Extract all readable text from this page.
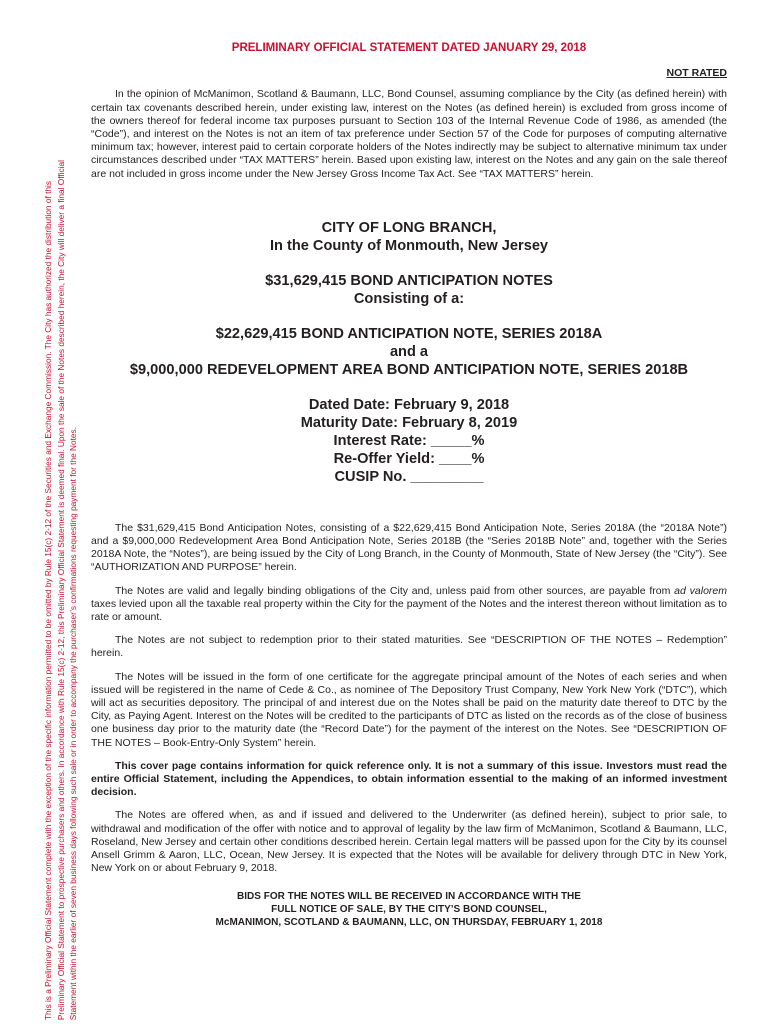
This is a Preliminary Official Statement complete with the exception of the specific information permitted to be omitted by Rule 15(c) 2-12 of the Securities and Exchange Commission. The City has authorized the distribution of this Preliminary Official Statement to prospective purchasers and others. In accordance with Rule 15(c) 2-12, this Preliminary Official Statement is deemed final. Upon the sale of the Notes described herein, the City will deliver a final Official Statement within the earlier of seven business days following such sale or in order to accompany the purchaser’s confirmations requesting payment for the Notes.
PRELIMINARY OFFICIAL STATEMENT DATED JANUARY 29, 2018
NOT RATED

In the opinion of McManimon, Scotland & Baumann, LLC, Bond Counsel, assuming compliance by the City (as defined herein) with certain tax covenants described herein, under existing law, interest on the Notes (as defined herein) is excluded from gross income of the owners thereof for federal income tax purposes pursuant to Section 103 of the Internal Revenue Code of 1986, as amended (the “Code”), and interest on the Notes is not an item of tax preference under Section 57 of the Code for purposes of computing alternative minimum tax; however, interest paid to certain corporate holders of the Notes indirectly may be subject to alternative minimum tax under circumstances described under “TAX MATTERS” herein. Based upon existing law, interest on the Notes and any gain on the sale thereof are not included in gross income under the New Jersey Gross Income Tax Act. See “TAX MATTERS” herein.

CITY OF LONG BRANCH,
In the County of Monmouth, New Jersey
$31,629,415 BOND ANTICIPATION NOTES
Consisting of a:
$22,629,415 BOND ANTICIPATION NOTE, SERIES 2018A
and a
$9,000,000 REDEVELOPMENT AREA BOND ANTICIPATION NOTE, SERIES 2018B
Dated Date: February 9, 2018
Maturity Date: February 8, 2019
Interest Rate: _____%
Re-Offer Yield: ____%
CUSIP No. _________

The $31,629,415 Bond Anticipation Notes, consisting of a $22,629,415 Bond Anticipation Note, Series 2018A (the “2018A Note”) and a $9,000,000 Redevelopment Area Bond Anticipation Note, Series 2018B (the “Series 2018B Note” and, together with the Series 2018A Note, the “Notes”), are being issued by the City of Long Branch, in the County of Monmouth, State of New Jersey (the “City”). See “AUTHORIZATION AND PURPOSE” herein.

The Notes are valid and legally binding obligations of the City and, unless paid from other sources, are payable from ad valorem taxes levied upon all the taxable real property within the City for the payment of the Notes and the interest thereon without limitation as to rate or amount.

The Notes are not subject to redemption prior to their stated maturities. See “DESCRIPTION OF THE NOTES – Redemption” herein.

The Notes will be issued in the form of one certificate for the aggregate principal amount of the Notes of each series and when issued will be registered in the name of Cede & Co., as nominee of The Depository Trust Company, New York New York (“DTC”), which will act as securities depository. The principal of and interest due on the Notes shall be paid on the maturity date thereof to DTC by the City, as Paying Agent. Interest on the Notes will be credited to the participants of DTC as listed on the records as of the close of business one business day prior to the maturity date (the “Record Date”) for the payment of the interest on the Notes. See “DESCRIPTION OF THE NOTES – Book-Entry-Only System” herein.

This cover page contains information for quick reference only. It is not a summary of this issue. Investors must read the entire Official Statement, including the Appendices, to obtain information essential to the making of an informed investment decision.

The Notes are offered when, as and if issued and delivered to the Underwriter (as defined herein), subject to prior sale, to withdrawal and modification of the offer with notice and to approval of legality by the law firm of McManimon, Scotland & Baumann, LLC, Roseland, New Jersey and certain other conditions described herein. Certain legal matters will be passed upon for the City by its counsel Ansell Grimm & Aaron, LLC, Ocean, New Jersey. It is expected that the Notes will be available for delivery through DTC in New York, New York on or about February 9, 2018.

BIDS FOR THE NOTES WILL BE RECEIVED IN ACCORDANCE WITH THE
FULL NOTICE OF SALE, BY THE CITY’S BOND COUNSEL,
McMANIMON, SCOTLAND & BAUMANN, LLC, ON THURSDAY, FEBRUARY 1, 2018
